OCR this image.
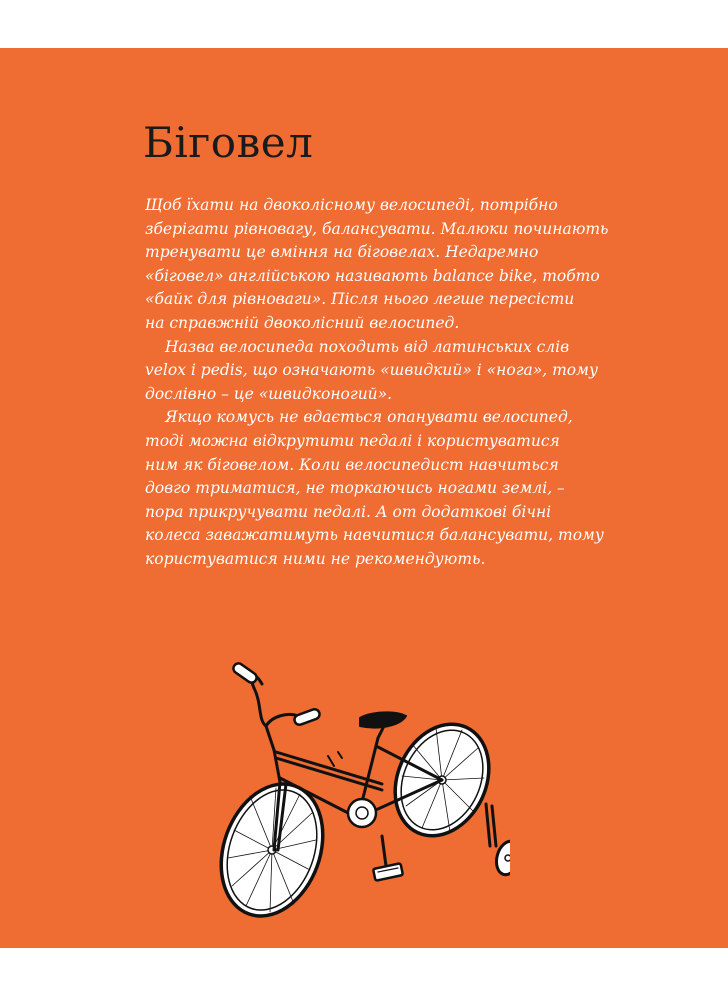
Біговел

Щоб їхати на двоколісному велосипеді, потрібно

зберігати рівновагу, балансувати. Малюки починають

тренувати це вміння на біговелах. Недаремно

«біговел» англійською називають balance bike, тобто

«байк для рівноваги». Після нього легше пересісти

на справжній двоколісний велосипед.

Назва велосипеда походить від латинських слів

velox і pedis, що означають «швидкий» і «нога», тому

дослівно – це «швидконогий».

Якщо комусь не вдається опанувати велосипед,

тоді можна відкрутити педалі і користуватися

ним як біговелом. Коли велосипедист навчиться

довго триматися, не торкаючись ногами землі, –

пора прикручувати педалі. А от додаткові бічні

колеса заважатимуть навчитися балансувати, тому

користуватися ними не рекомендують.
